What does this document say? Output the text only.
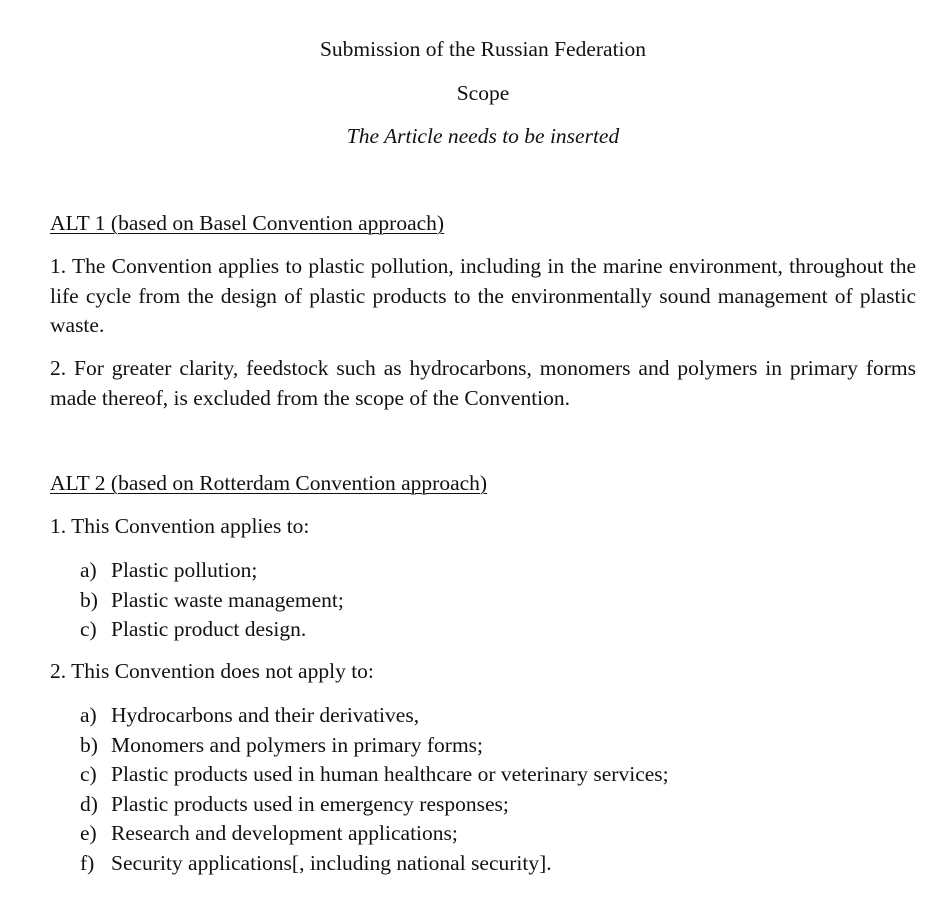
Submission of the Russian Federation

Scope

The Article needs to be inserted

ALT 1 (based on Basel Convention approach)

1. The Convention applies to plastic pollution, including in the marine environment, throughout the life cycle from the design of plastic products to the environmentally sound management of plastic waste.

2. For greater clarity, feedstock such as hydrocarbons, monomers and polymers in primary forms made thereof, is excluded from the scope of the Convention.

ALT 2 (based on Rotterdam Convention approach)

1. This Convention applies to:

a) Plastic pollution;
b) Plastic waste management;
c) Plastic product design.

2. This Convention does not apply to:

a) Hydrocarbons and their derivatives,
b) Monomers and polymers in primary forms;
c) Plastic products used in human healthcare or veterinary services;
d) Plastic products used in emergency responses;
e) Research and development applications;
f) Security applications[, including national security].
